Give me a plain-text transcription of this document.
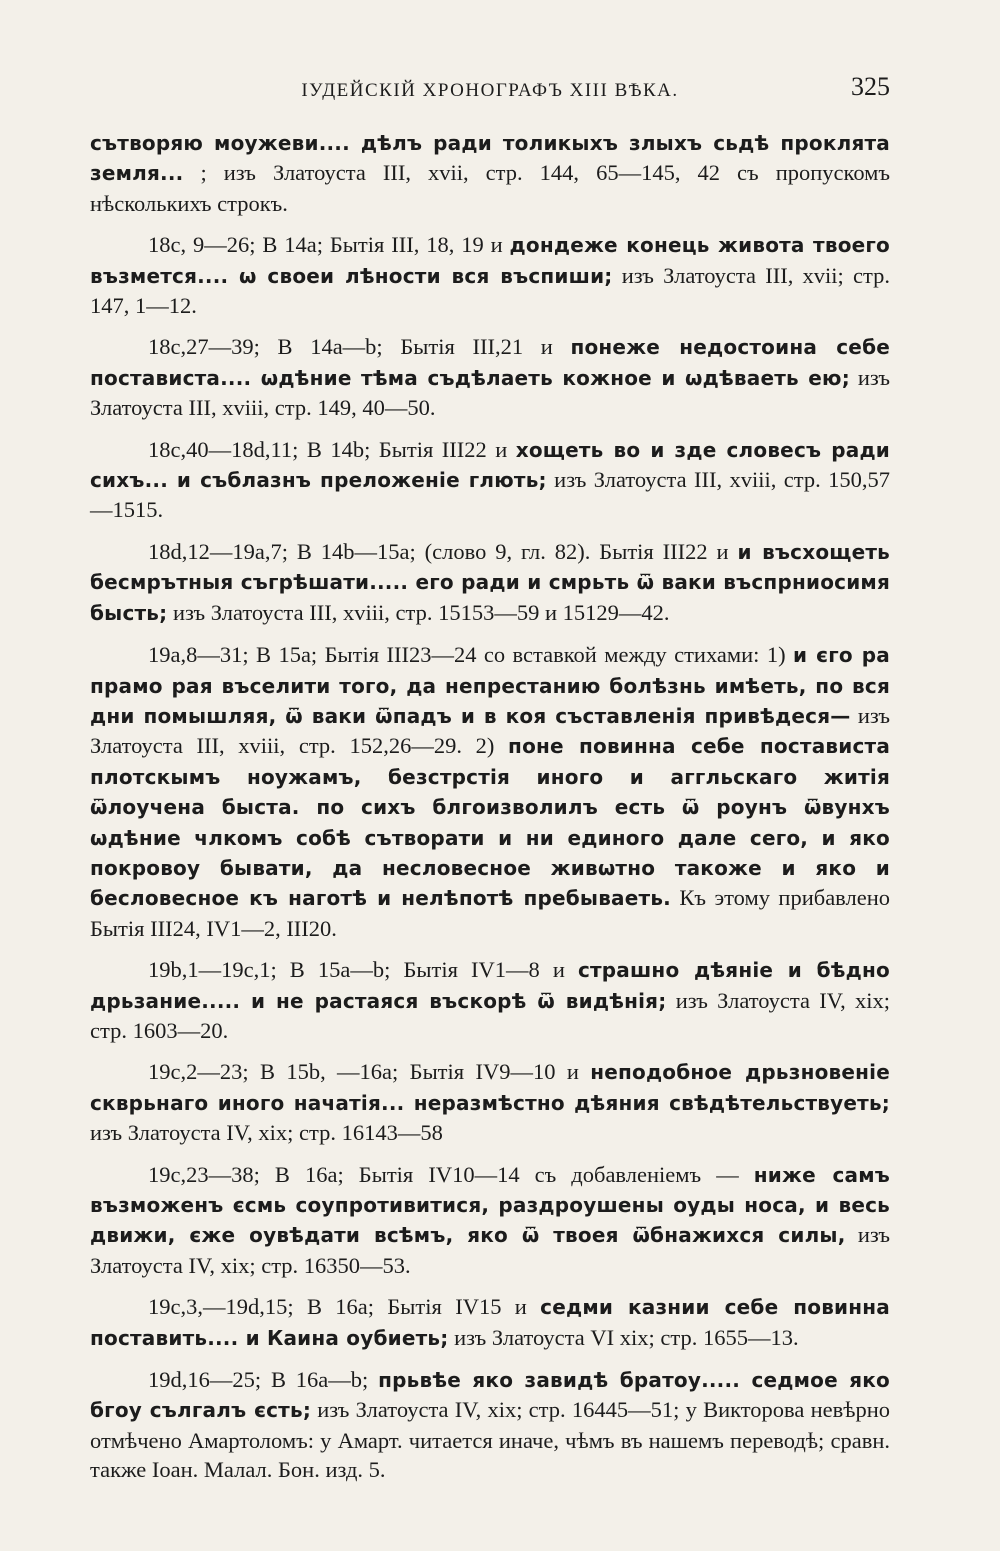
ІУДЕЙСКІЙ ХРОНОГРАФЪ XIII ВѢКА.	325

сътворяю моужеви.... дѣлъ ради толикыхъ злыхъ сьдѣ проклята земля... ; изъ Златоуста III, xvii, стр. 144, 65—145, 42 съ пропускомъ нѣсколькихъ строкъ.

18c, 9—26; В 14a; Бытія III, 18, 19 и дондеже конець живота твоего възмется.... ѡ своеи лѣности вся въспиши; изъ Златоуста III, xvii; стр. 147, 1—12.

18c,27—39; В 14a—b; Бытія III,21 и понеже недостоина себе постависта.... ѡдѣние тѣма съдѣлаеть кожное и ѡдѣваеть ею; изъ Златоуста III, xviii, стр. 149, 40—50.

18c,40—18d,11; В 14b; Бытія III22 и хощеть во и зде словесъ ради сихъ... и съблазнъ преложеніе глють; изъ Златоуста III, xviii, стр. 150,57—1515.

18d,12—19a,7; В 14b—15a; (слово 9, гл. 82). Бытія III22 и и въсхощеть бесмрътныя съгрѣшати..... его ради и смрьть ѿ ваки въспрниосимя бысть; изъ Златоуста III, xviii, стр. 15153—59 и 15129—42.

19a,8—31; В 15a; Бытія III23—24 со вставкой между стихами: 1) и єго ра прамо рая въселити того, да непрестанию болѣзнь имѣеть, по вся дни помышляя, ѿ ваки ѿпадъ и в коя съставленія привѣдеся— изъ Златоуста III, xviii, стр. 152,26—29. 2) поне повинна себе постависта плотскымъ ноужамъ, безстрстія иного и аггльскаго житія ѿлоучена быста. по сихъ блгоизволилъ есть ѿ роунъ ѿвунхъ ѡдѣние члкомъ собѣ сътворати и ни единого дале сего, и яко покровоу бывати, да несловесное живѡтно такоже и яко и бесловесное къ наготѣ и нелѣпотѣ пребываеть. Къ этому прибавлено Бытія III24, IV1—2, III20.

19b,1—19c,1; В 15a—b; Бытія IV1—8 и страшно дѣяніе и бѣдно дрьзание..... и не растаяся въскорѣ ѿ видѣнія; изъ Златоуста IV, xix; стр. 1603—20.

19c,2—23; В 15b, —16a; Бытія IV9—10 и неподобное дрьзновеніе скврьнаго иного начатія... неразмѣстно дѣяния свѣдѣтельствуеть; изъ Златоуста IV, xix; стр. 16143—58

19c,23—38; В 16a; Бытія IV10—14 съ добавленіемъ — ниже самъ възможенъ єсмь соупротивитися, раздроушены оуды носа, и весь движи, єже оувѣдати всѣмъ, яко ѿ твоея ѿбнажихся силы, изъ Златоуста IV, xix; стр. 16350—53.

19c,3,—19d,15; В 16a; Бытія IV15 и седми казнии себе повинна поставить.... и Каина оубиеть; изъ Златоуста VI xix; стр. 1655—13.

19d,16—25; В 16a—b; прьвѣе яко завидѣ братоу..... седмое яко бгоу сългалъ єсть; изъ Златоуста IV, xix; стр. 16445—51; у Викторова невѣрно отмѣчено Амартоломъ: у Амарт. читается иначе, чѣмъ въ нашемъ переводѣ; сравн. также Іоан. Малал. Бон. изд. 5.
